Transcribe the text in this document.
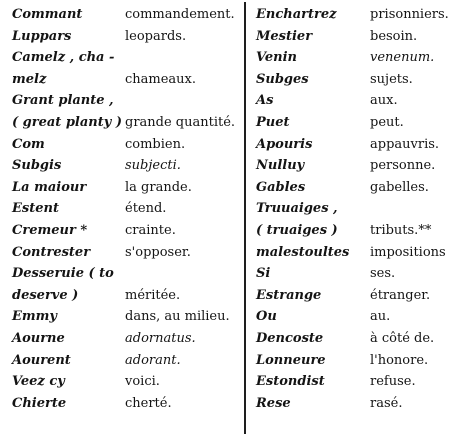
Commant	commandement.
Luppars	leopards.
Camelz , cha -
melz	chameaux.
Grant plante ,
( great planty ) grande quantité.
Com	combien.
Subgis	subjecti.
La maiour	la grande.
Estent	étend.
Cremeur *	crainte.
Contrester	s'opposer.
Desseruie ( to
deserve )	méritée.
Emmy	dans, au milieu.
Aourne	adornatus.
Aourent	adorant.
Veez cy	voici.
Chierte	cherté.
Enchartrez	prisonniers.
Mestier	besoin.
Venin	venenum.
Subges	sujets.
As	aux.
Puet	peut.
Apouris	appauvris.
Nulluy	personne.
Gables	gabelles.
Truuaiges ,
( truaiges ) tributs.**
malestoultes impositions
Si	ses.
Estrange	étranger.
Ou	au.
Dencoste	à côté de.
Lonneure	l'honore.
Estondist	refuse.
Rese	rasé.
